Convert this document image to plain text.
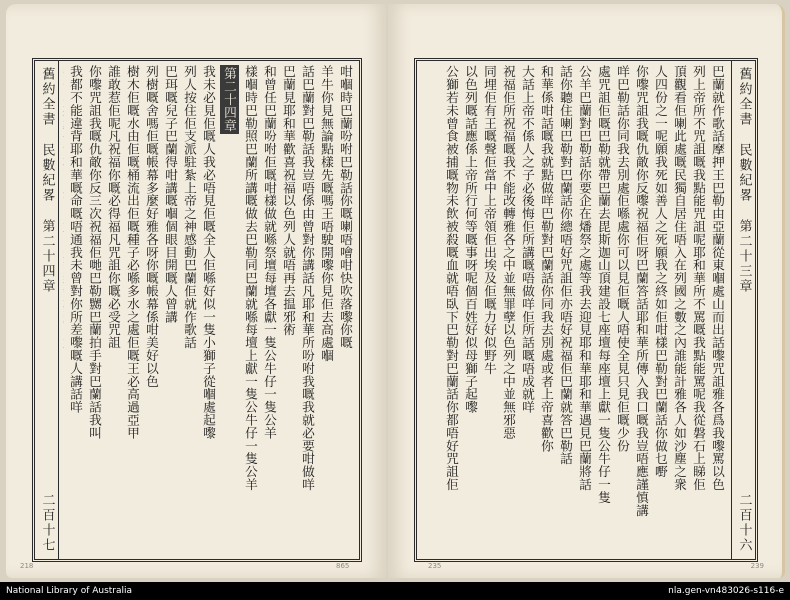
舊約全書
民數紀畧
第二十四章
二百十七
咁嗰時巴蘭吩咐巴勒話你嘅喇唔噲咁快吹落嚟你嘅
羊牛你見無論點樣先嘅嗎王唔駛開嚟你見佢去高處嗰
話巴蘭對巴勒話我豈唔係由曾對你講話凡耶和華所吩咐我嘅我就必要咁做咩
巴蘭見耶和華歡喜祝福以色列人就唔再去揾邪術
和曾任巴蘭吩咐佢嘅咁樣做就喺祭壇每壇各獻一隻公牛仔一隻公羊
樣嗰時巴勒照巴蘭所講嘅做去巴勒同巴蘭就喺每壇上獻一隻公牛仔一隻公羊
第二十四章
我未必見佢嘅人我必唔見佢嘅全人佢喺好似一隻小獅子從嗰處起嚟
列人按住佢支派駐紮上帝之神感動巴蘭佢就作歌話
巴珥嘅兒子巴蘭得咁講嘅嗰個眼目開嘅人曾講
列樹嘅舍嗎佢嘅帳幕多麼好雅各呀你嘅帳幕係咁美好以色
樹木佢嘅水由佢嘅桶流出佢嘅種子必喺多水之處佢嘅王必高過亞甲
誰敢惹佢呢凡祝福你嘅必得福凡咒詛你嘅必受咒詛
你嚟咒詛我嘅仇敵你反三次祝福佢哋巴勒嬲巴蘭拍手對巴蘭話我叫
我都不能違背耶和華嘅命嘅唔通我未曾對你所差嚟嘅人講話咩
218	865
舊約全書
民數紀畧
第二十三章
二百十六
巴蘭就作歌話摩押王巴勒由亞蘭從東嗰處山而出話嚟咒詛雅各爲我嚟罵以色
列上帝所不咒詛嘅我點能咒詛呢耶和華所不罵嘅我點能罵呢我從磐石上睇佢
頂觀看佢喇此處嘅民獨自居住唔入在列國之數之內誰能計雅各人如沙塵之衆
人四份之一呢願我死如善人之死願我之終如佢咁樣巴勒對巴蘭話你做乜嘢
你嚟咒詛我嘅仇敵你反嚟祝福佢呀巴蘭答話耶和華所傳入我口嘅我豈唔應謹慎講
咩巴勒話你同我去別處佢喺處你可以見佢嘅人唔使全見只見佢嘅少份
處咒詛佢嘅巴勒就帶巴蘭去毘斯迦山頂建設七座壇每座壇上獻一隻公牛仔一隻
公羊巴蘭對巴勒話你要企在燔祭之處等我去迎見耶和華耶和華遇見巴蘭將話
話你聽住喇巴勒對巴蘭話你總唔好咒詛佢亦唔好祝福佢巴蘭就答巴勒話
和華係咁話嘅我就點做咩巴勒對巴蘭話你同我去別處或者上帝喜歡你
大話上帝不係人之子必後悔佢所講嘅唔做咩佢所話嘅唔成就咩
祝福佢所祝福嘅我不能改轉雅各之中並無罪孽以色列之中並無邪惡
同埋佢有王嘅聲佢當中上帝領佢出埃及佢嘅力好似野牛
以色列嘅話應係上帝所行何等嘅事呀呢個百姓好似母獅子起嚟
公獅若未曾食被捕嘅物未飲被殺嘅血就唔臥下巴勒對巴蘭話你都唔好咒詛佢
235	239
National Library of Australia	nla.gen-vn483026-s116-e
